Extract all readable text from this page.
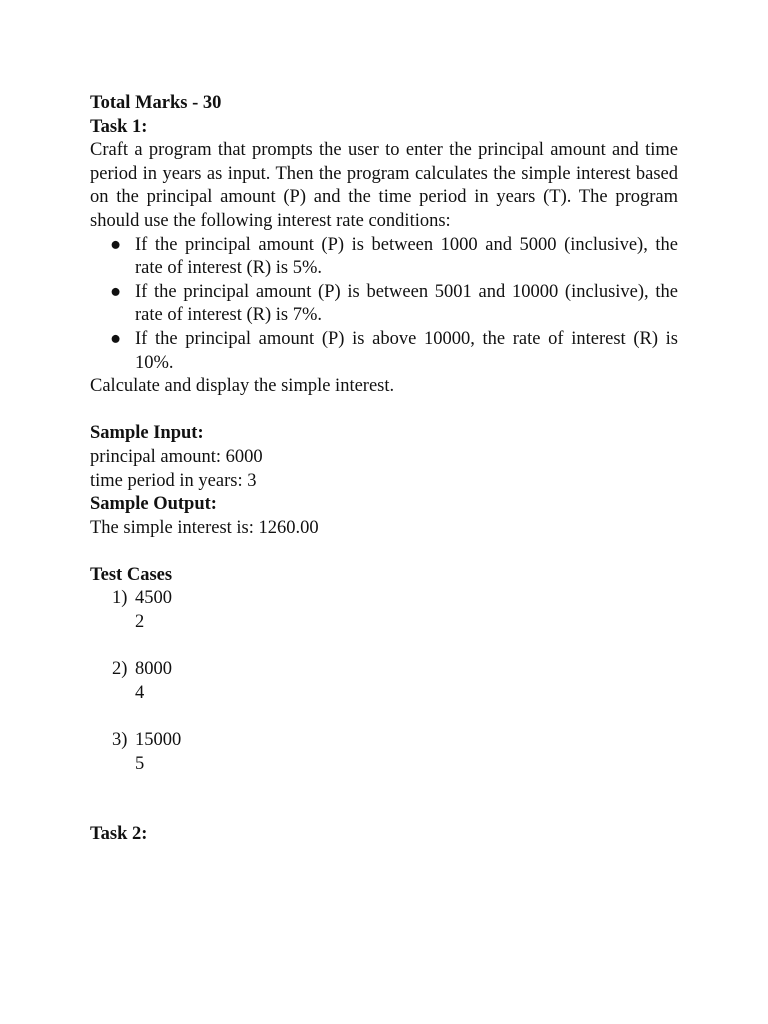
Total Marks - 30
Task 1:

Craft a program that prompts the user to enter the principal amount and time period in years as input. Then the program calculates the simple interest based on the principal amount (P) and the time period in years (T). The program should use the following interest rate conditions:

● If the principal amount (P) is between 1000 and 5000 (inclusive), the rate of interest (R) is 5%.
● If the principal amount (P) is between 5001 and 10000 (inclusive), the rate of interest (R) is 7%.
● If the principal amount (P) is above 10000, the rate of interest (R) is 10%.
Calculate and display the simple interest.
Sample Input:
principal amount: 6000
time period in years: 3
Sample Output:
The simple interest is: 1260.00
Test Cases
1) 4500
2
2) 8000
4
3) 15000
5
Task 2:
